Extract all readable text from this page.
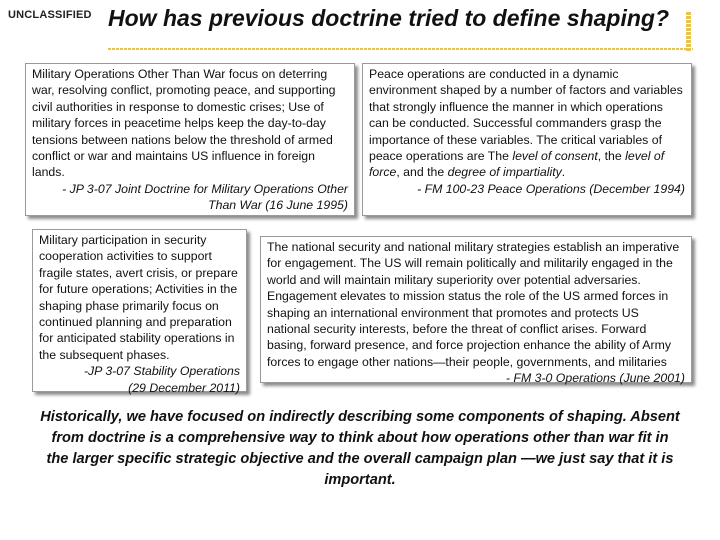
UNCLASSIFIED How has previous doctrine tried to define shaping?

Military Operations Other Than War focus on deterring war, resolving conflict, promoting peace, and supporting civil authorities in response to domestic crises; Use of military forces in peacetime helps keep the day-to-day tensions between nations below the threshold of armed conflict or war and maintains US influence in foreign lands.

- JP 3-07 Joint Doctrine for Military Operations Other
Than War (16 June 1995)

Peace operations are conducted in a dynamic environment shaped by a number of factors and variables that strongly influence the manner in which operations can be conducted. Successful commanders grasp the importance of these variables. The critical variables of peace operations are The level of consent, the level of force, and the degree of impartiality.

- FM 100-23 Peace Operations (December 1994)

Military participation in security cooperation activities to support fragile states, avert crisis, or prepare for future operations; Activities in the shaping phase primarily focus on continued planning and preparation for anticipated stability operations in the subsequent phases.

-JP 3-07 Stability Operations
(29 December 2011)

The national security and national military strategies establish an imperative for engagement. The US will remain politically and militarily engaged in the world and will maintain military superiority over potential adversaries. Engagement elevates to mission status the role of the US armed forces in shaping an international environment that promotes and protects US national security interests, before the threat of conflict arises. Forward basing, forward presence, and force projection enhance the ability of Army forces to engage other nations—their people, governments, and militaries

- FM 3-0 Operations (June 2001)

Historically, we have focused on indirectly describing some components of shaping. Absent from doctrine is a comprehensive way to think about how operations other than war fit in the larger specific strategic objective and the overall campaign plan —we just say that it is important.
